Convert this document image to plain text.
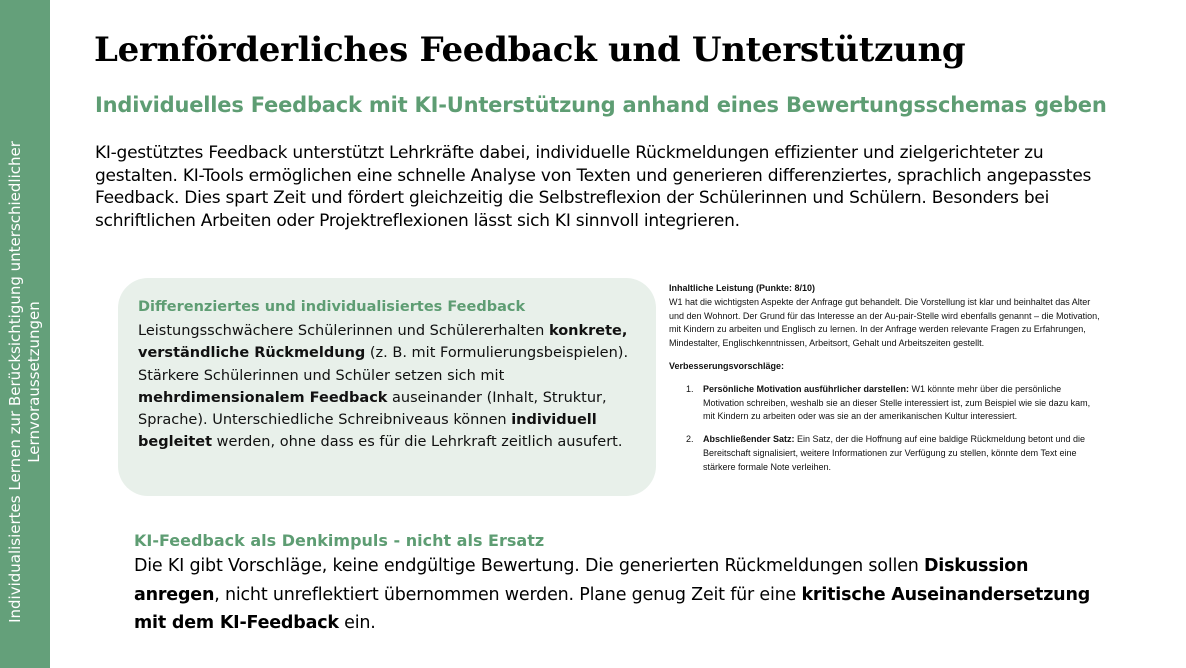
Individualisiertes Lernen zur Berücksichtigung unterschiedlicher Lernvoraussetzungen
Lernförderliches Feedback und Unterstützung
Individuelles Feedback mit KI-Unterstützung anhand eines Bewertungsschemas geben

KI-gestütztes Feedback unterstützt Lehrkräfte dabei, individuelle Rückmeldungen effizienter und zielgerichteter zu gestalten. KI-Tools ermöglichen eine schnelle Analyse von Texten und generieren differenziertes, sprachlich angepasstes Feedback. Dies spart Zeit und fördert gleichzeitig die Selbstreflexion der Schülerinnen und Schülern. Besonders bei schriftlichen Arbeiten oder Projektreflexionen lässt sich KI sinnvoll integrieren.

Differenziertes und individualisiertes Feedback
Leistungsschwächere Schülerinnen und Schülererhalten konkrete, verständliche Rückmeldung (z. B. mit Formulierungsbeispielen). Stärkere Schülerinnen und Schüler setzen sich mit mehrdimensionalem Feedback auseinander (Inhalt, Struktur, Sprache). Unterschiedliche Schreibniveaus können individuell begleitet werden, ohne dass es für die Lehrkraft zeitlich ausufert.
Inhaltliche Leistung (Punkte: 8/10)
W1 hat die wichtigsten Aspekte der Anfrage gut behandelt. Die Vorstellung ist klar und beinhaltet das Alter und den Wohnort. Der Grund für das Interesse an der Au-pair-Stelle wird ebenfalls genannt – die Motivation, mit Kindern zu arbeiten und Englisch zu lernen. In der Anfrage werden relevante Fragen zu Erfahrungen, Mindestalter, Englischkenntnissen, Arbeitsort, Gehalt und Arbeitszeiten gestellt.
Verbesserungsvorschläge:
1. Persönliche Motivation ausführlicher darstellen: W1 könnte mehr über die persönliche Motivation schreiben, weshalb sie an dieser Stelle interessiert ist, zum Beispiel wie sie dazu kam, mit Kindern zu arbeiten oder was sie an der amerikanischen Kultur interessiert.
2. Abschließender Satz: Ein Satz, der die Hoffnung auf eine baldige Rückmeldung betont und die Bereitschaft signalisiert, weitere Informationen zur Verfügung zu stellen, könnte dem Text eine stärkere formale Note verleihen.
KI-Feedback als Denkimpuls - nicht als Ersatz
Die KI gibt Vorschläge, keine endgültige Bewertung. Die generierten Rückmeldungen sollen Diskussion anregen, nicht unreflektiert übernommen werden. Plane genug Zeit für eine kritische Auseinandersetzung mit dem KI-Feedback ein.
